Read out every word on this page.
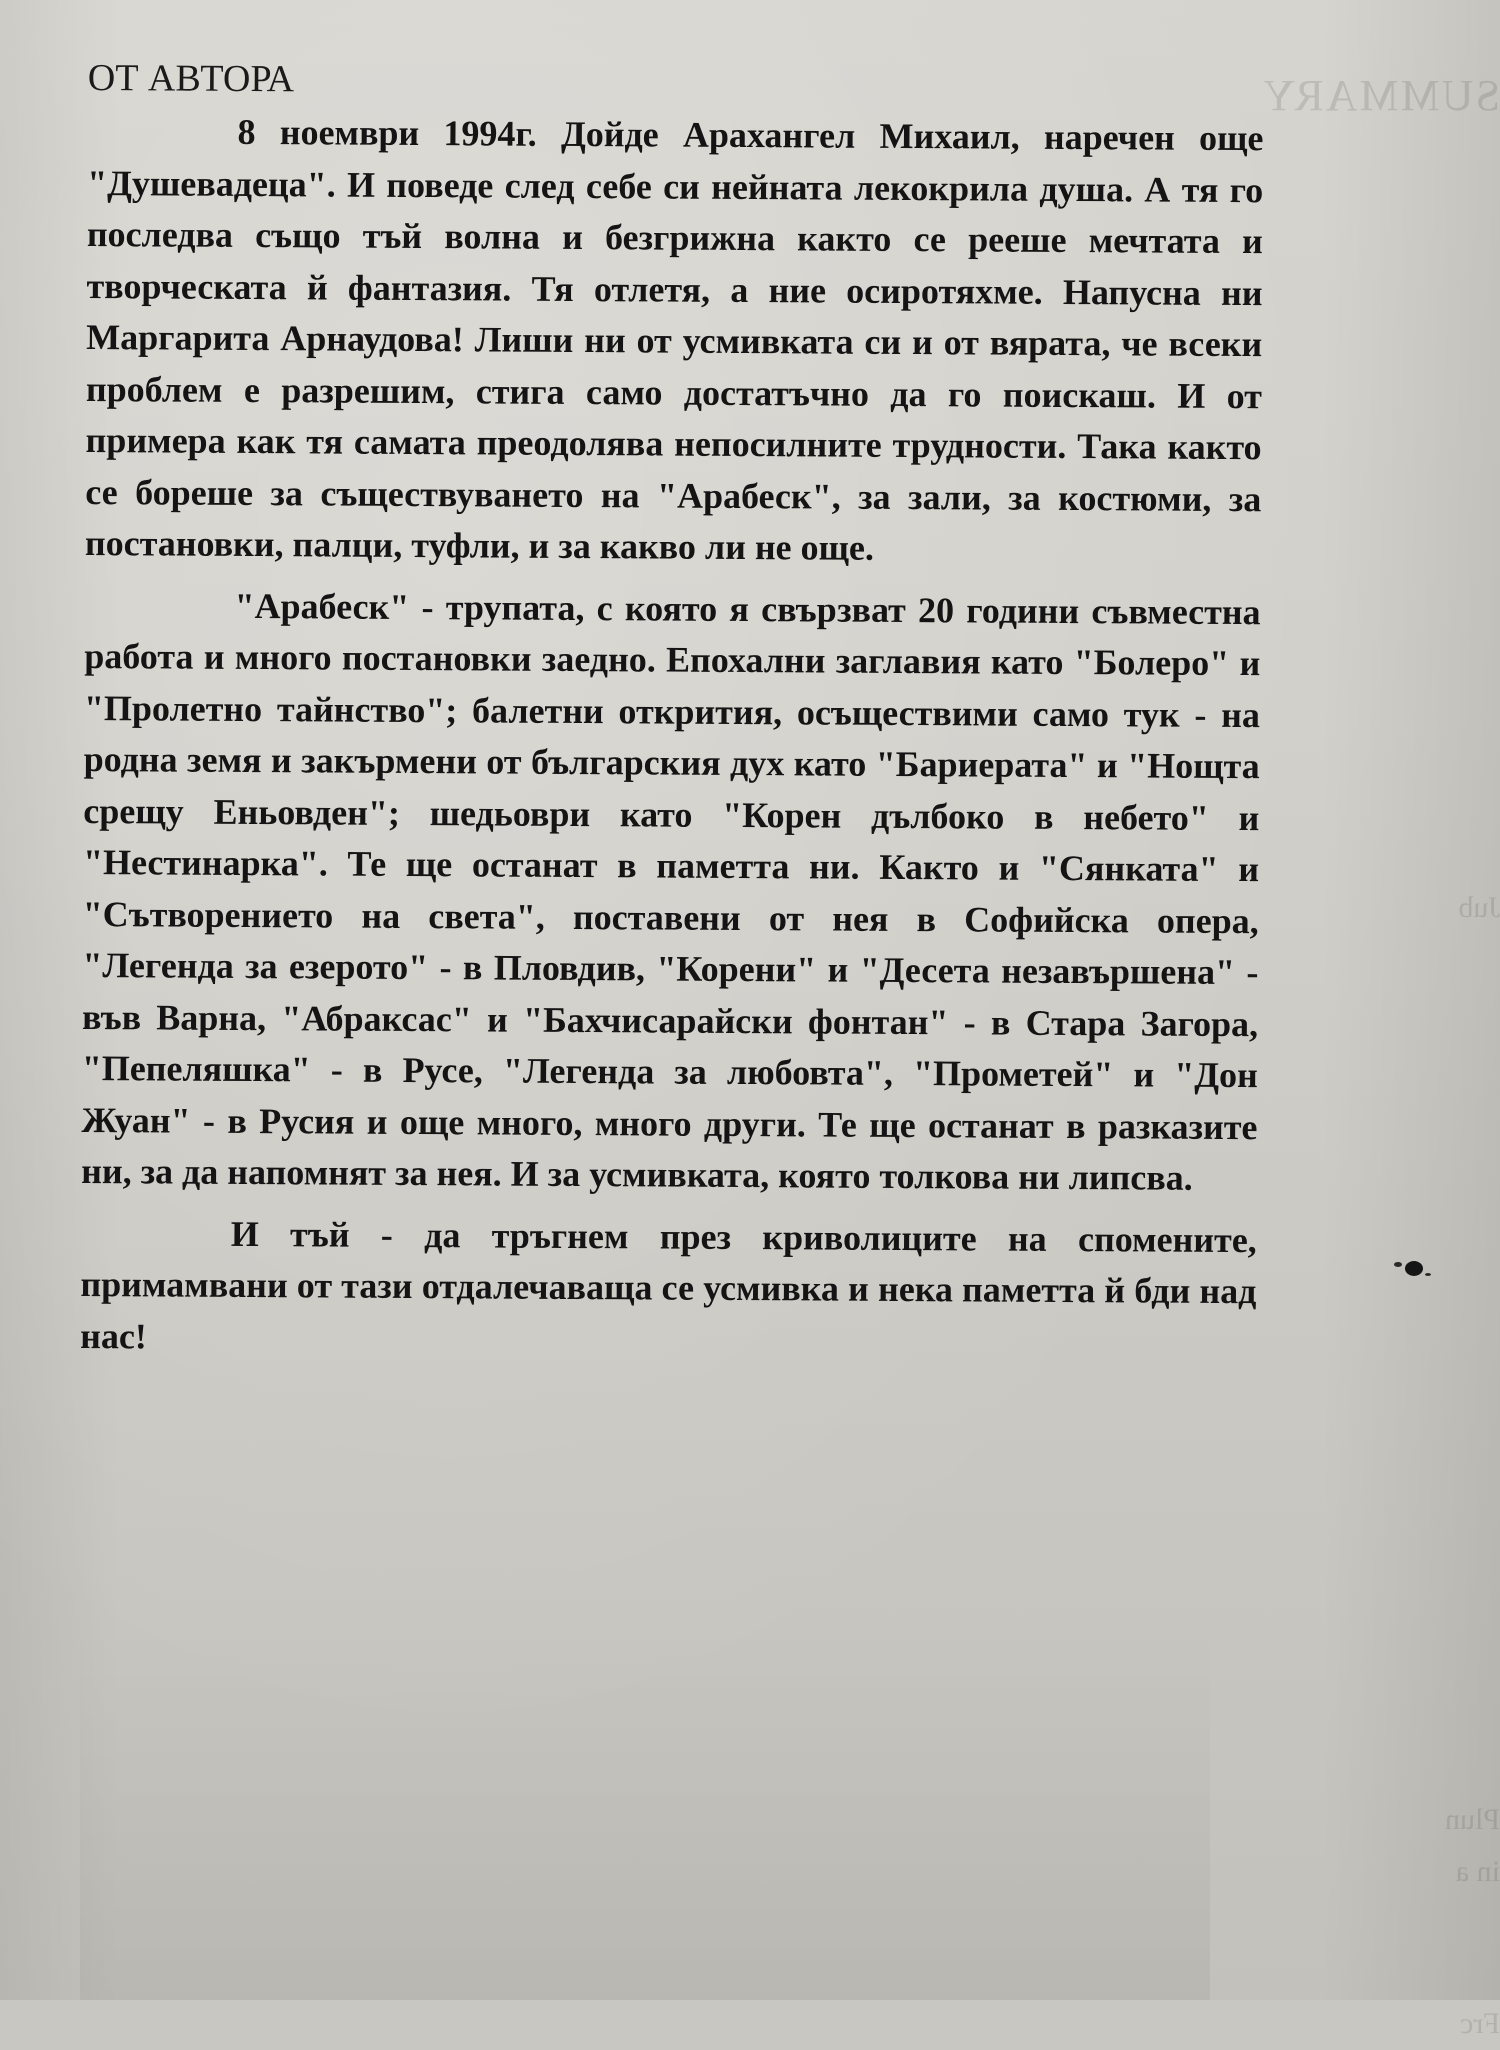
SUMMARY
Jub
Plun
in a
Frc
ОТ АВТОРА

8 ноември 1994г. Дойде Арахангел Михаил, наречен още "Душевадеца". И поведе след себе си нейната лекокрила душа. А тя го последва също тъй волна и безгрижна както се рееше мечтата и творческата й фантазия. Тя отлетя, а ние осиротяхме. Напусна ни Маргарита Арнаудова! Лиши ни от усмивката си и от вярата, че всеки проблем е разрешим, стига само достатъчно да го поискаш. И от примера как тя самата преодолява непосилните трудности. Така както се бореше за съществуването на "Арабеск", за зали, за костюми, за постановки, палци, туфли, и за какво ли не още.

"Арабеск" - трупата, с която я свързват 20 години съвместна работа и много постановки заедно. Епохални заглавия като "Болеро" и "Пролетно тайнство"; балетни открития, осъществими само тук - на родна земя и закърмени от българския дух като "Бариерата" и "Нощта срещу Еньовден"; шедьоври като "Корен дълбоко в небето" и "Нестинарка". Те ще останат в паметта ни. Както и "Сянката" и "Сътворението на света", поставени от нея в Софийска опера, "Легенда за езерото" - в Пловдив, "Корени" и "Десета незавършена" - във Варна, "Абраксас" и "Бахчисарайски фонтан" - в Стара Загора, "Пепеляшка" - в Русе, "Легенда за любовта", "Прометей" и "Дон Жуан" - в Русия и още много, много други. Те ще останат в разказите ни, за да напомнят за нея. И за усмивката, която толкова ни липсва.

И тъй - да тръгнем през криволиците на спомените, примамвани от тази отдалечаваща се усмивка и нека паметта й бди над нас!
